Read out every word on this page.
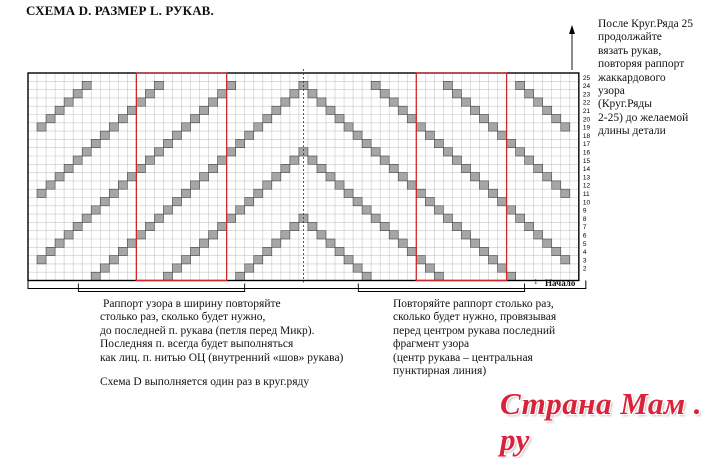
СХЕМА D. РАЗМЕР L. РУКАВ.
25
24
23
22
21
20
19
18
17
16
15
14
13
12
11
10
9
8
7
6
5
4
3
2
После Круг.Ряда 25
продолжайте
вязать рукав,
повторяя раппорт
жаккардового
узора
(Круг.Ряды
2-25) до желаемой
длины детали
1 Начало
Раппорт узора в ширину повторяйте
столько раз, сколько будет нужно,
до последней п. рукава (петля перед Микр).
Последняя п. всегда будет выполняться
как лиц. п. нитью ОЦ (внутренний «шов» рукава)
Повторяйте раппорт столько раз,
сколько будет нужно, провязывая
перед центром рукава последний
фрагмент узора
(центр рукава – центральная
пунктирная линия)
Схема D выполняется один раз в круг.ряду
Страна Мам . ру
